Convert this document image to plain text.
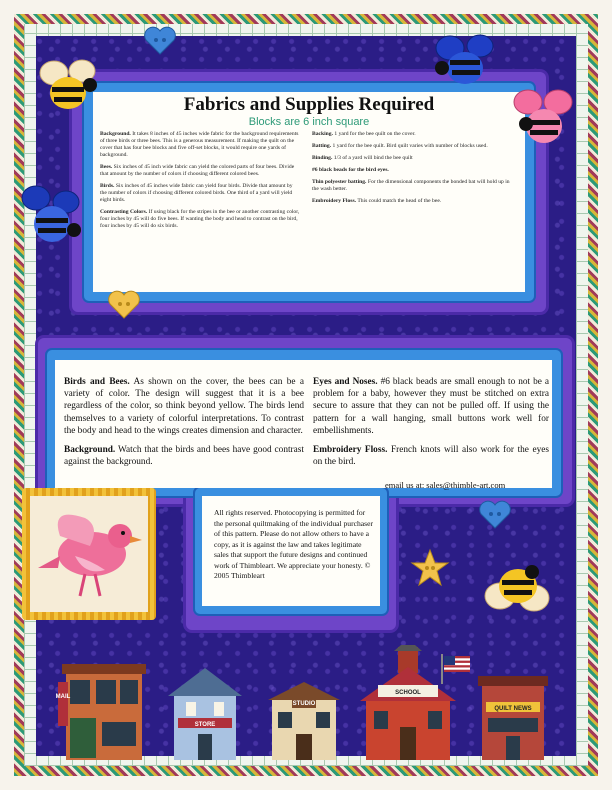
Fabrics and Supplies Required
Blocks are 6 inch square

Background. It takes 8 inches of 45 inches wide fabric for the background requirements of three birds or three bees. This is a generous measurement. If making the quilt on the cover that has four bee blocks and five off-set blocks, it would require one yards of background.

Bees. Six inches of 45 inch wide fabric can yield the colored parts of four bees. Divide that amount by the number of colors if choosing different colored bees.

Birds. Six inches of 45 inches wide fabric can yield four birds. Divide that amount by the number of colors if choosing different colored birds. One third of a yard will yield eight birds.

Contrasting Colors. If using black for the stripes in the bee or another contrasting color, four inches by 45 will do five bees. If wanting the body and head to contrast on the bird, four inches by 45 will do six birds.

Backing. 1 yard for the bee quilt on the cover.

Batting. 1 yard for the bee quilt. Bird quilt varies with number of blocks used.

Binding. 1/3 of a yard will bind the bee quilt

#6 black beads for the bird eyes.

Thin polyester batting. For the dimensional components the bonded bat will hold up in the wash better.

Embroidery Floss. This could match the head of the bee.

Birds and Bees. As shown on the cover, the bees can be a variety of color. The design will suggest that it is a bee regardless of the color, so think beyond yellow. The birds lend themselves to a variety of colorful interpretations. To contrast the body and head to the wings creates dimension and character.

Background. Watch that the birds and bees have good contrast against the background.

Eyes and Noses. #6 black beads are small enough to not be a problem for a baby, however they must be stitched on extra secure to assure that they can not be pulled off. If using the pattern for a wall hanging, small buttons work well for embellishments.

Embroidery Floss. French knots will also work for the eyes on the bird.

email us at: sales@thimble-art.com

All rights reserved. Photocopying is permitted for the personal quiltmaking of the individual purchaser of this pattern. Please do not allow others to have a copy, as it is against the law and takes legitimate sales that support the future designs and continued work of Thimbleart. We appreciate your honesty. © 2005 Thimbleart

MAIL
STORE
STUDIO
SCHOOL
QUILT NEWS
